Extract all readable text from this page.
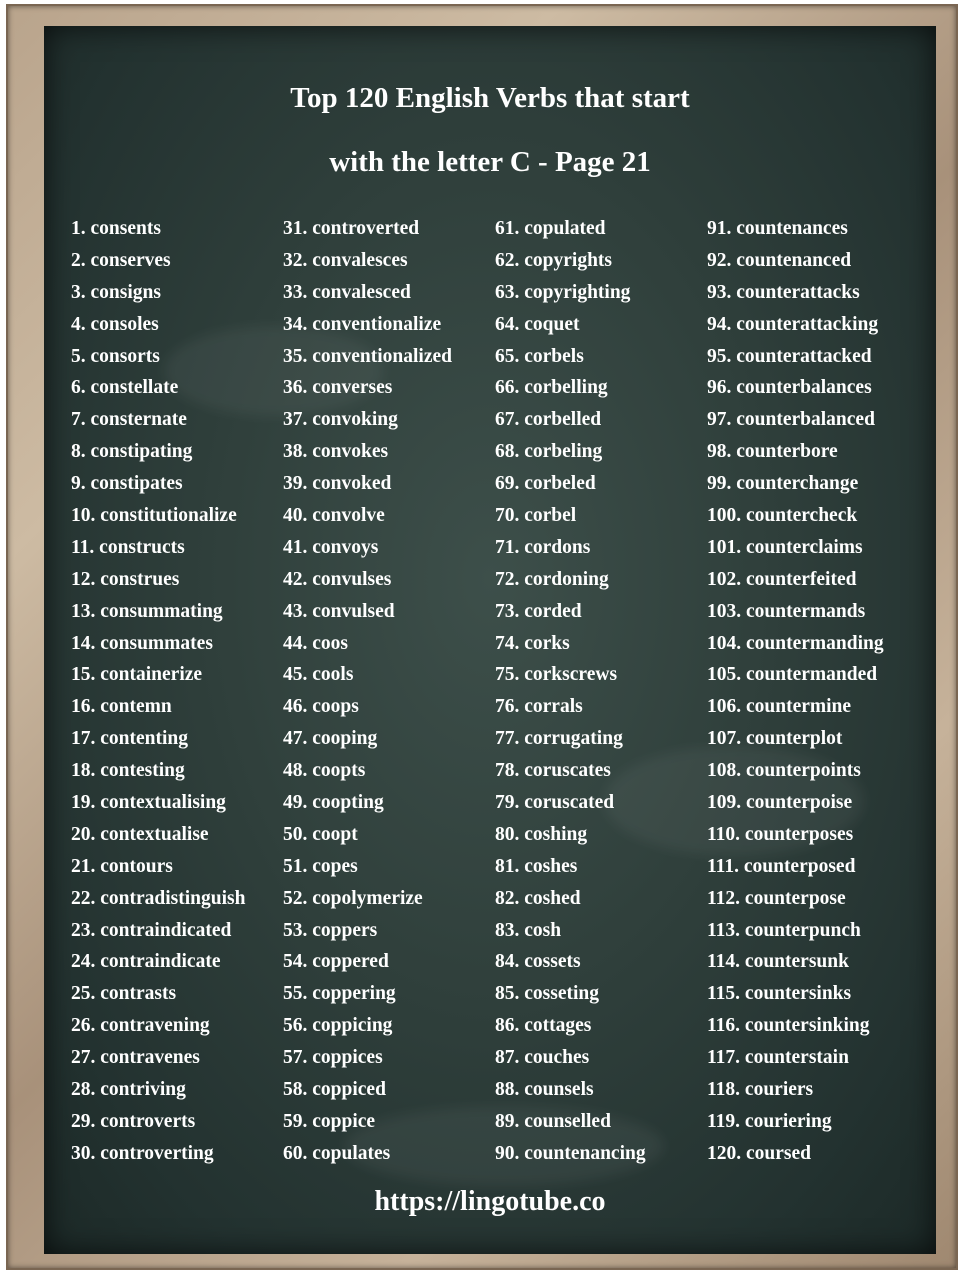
Top 120 English Verbs that start
with the letter C - Page 21
1. consents
2. conserves
3. consigns
4. consoles
5. consorts
6. constellate
7. consternate
8. constipating
9. constipates
10. constitutionalize
11. constructs
12. construes
13. consummating
14. consummates
15. containerize
16. contemn
17. contenting
18. contesting
19. contextualising
20. contextualise
21. contours
22. contradistinguish
23. contraindicated
24. contraindicate
25. contrasts
26. contravening
27. contravenes
28. contriving
29. controverts
30. controverting
31. controverted
32. convalesces
33. convalesced
34. conventionalize
35. conventionalized
36. converses
37. convoking
38. convokes
39. convoked
40. convolve
41. convoys
42. convulses
43. convulsed
44. coos
45. cools
46. coops
47. cooping
48. coopts
49. coopting
50. coopt
51. copes
52. copolymerize
53. coppers
54. coppered
55. coppering
56. coppicing
57. coppices
58. coppiced
59. coppice
60. copulates
61. copulated
62. copyrights
63. copyrighting
64. coquet
65. corbels
66. corbelling
67. corbelled
68. corbeling
69. corbeled
70. corbel
71. cordons
72. cordoning
73. corded
74. corks
75. corkscrews
76. corrals
77. corrugating
78. coruscates
79. coruscated
80. coshing
81. coshes
82. coshed
83. cosh
84. cossets
85. cosseting
86. cottages
87. couches
88. counsels
89. counselled
90. countenancing
91. countenances
92. countenanced
93. counterattacks
94. counterattacking
95. counterattacked
96. counterbalances
97. counterbalanced
98. counterbore
99. counterchange
100. countercheck
101. counterclaims
102. counterfeited
103. countermands
104. countermanding
105. countermanded
106. countermine
107. counterplot
108. counterpoints
109. counterpoise
110. counterposes
111. counterposed
112. counterpose
113. counterpunch
114. countersunk
115. countersinks
116. countersinking
117. counterstain
118. couriers
119. couriering
120. coursed
https://lingotube.co
